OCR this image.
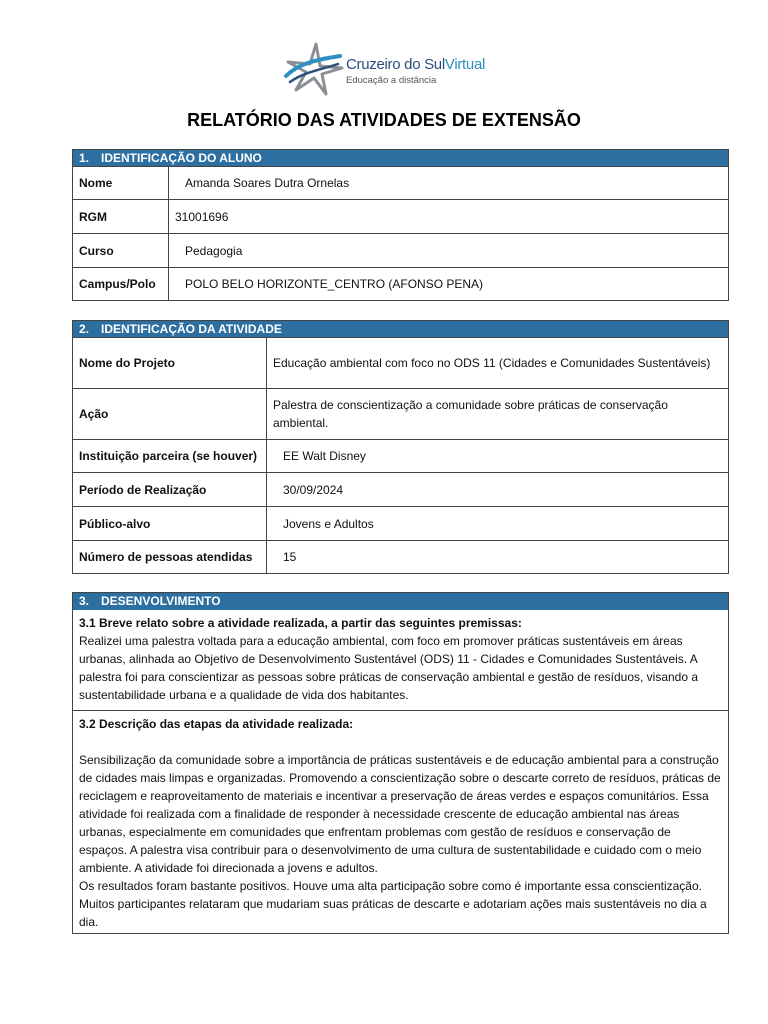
Cruzeiro do SulVirtual
Educação a distância
RELATÓRIO DAS ATIVIDADES DE EXTENSÃO
1. IDENTIFICAÇÃO DO ALUNO	
Nome	Amanda Soares Dutra Ornelas
RGM	31001696
Curso	Pedagogia
Campus/Polo	POLO BELO HORIZONTE_CENTRO (AFONSO PENA)
2. IDENTIFICAÇÃO DA ATIVIDADE	
Nome do Projeto	Educação ambiental com foco no ODS 11 (Cidades e Comunidades Sustentáveis)
Ação	Palestra de conscientização a comunidade sobre práticas de conservação ambiental.
Instituição parceira (se houver)	EE Walt Disney
Período de Realização	30/09/2024
Público-alvo	Jovens e Adultos
Número de pessoas atendidas	15
3. DESENVOLVIMENTO
3.1 Breve relato sobre a atividade realizada, a partir das seguintes premissas:
Realizei uma palestra voltada para a educação ambiental, com foco em promover práticas sustentáveis em áreas urbanas, alinhada ao Objetivo de Desenvolvimento Sustentável (ODS) 11 - Cidades e Comunidades Sustentáveis. A palestra foi para conscientizar as pessoas sobre práticas de conservação ambiental e gestão de resíduos, visando a sustentabilidade urbana e a qualidade de vida dos habitantes.
3.2 Descrição das etapas da atividade realizada:
Sensibilização da comunidade sobre a importância de práticas sustentáveis e de educação ambiental para a construção de cidades mais limpas e organizadas. Promovendo a conscientização sobre o descarte correto de resíduos, práticas de reciclagem e reaproveitamento de materiais e incentivar a preservação de áreas verdes e espaços comunitários. Essa atividade foi realizada com a finalidade de responder à necessidade crescente de educação ambiental nas áreas urbanas, especialmente em comunidades que enfrentam problemas com gestão de resíduos e conservação de espaços. A palestra visa contribuir para o desenvolvimento de uma cultura de sustentabilidade e cuidado com o meio ambiente. A atividade foi direcionada a jovens e adultos.
Os resultados foram bastante positivos. Houve uma alta participação sobre como é importante essa conscientização. Muitos participantes relataram que mudariam suas práticas de descarte e adotariam ações mais sustentáveis no dia a dia.
